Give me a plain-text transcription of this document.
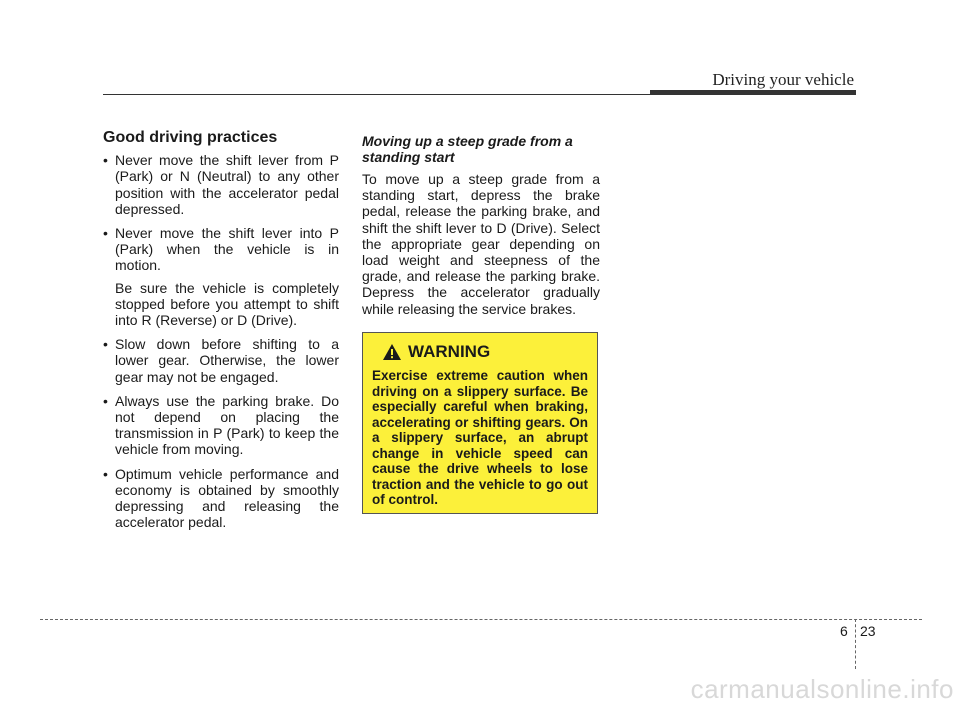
Driving your vehicle
Good driving practices
• Never move the shift lever from P (Park) or N (Neutral) to any other position with the accelerator pedal depressed.
• Never move the shift lever into P (Park) when the vehicle is in motion.
Be sure the vehicle is completely stopped before you attempt to shift into R (Reverse) or D (Drive).
• Slow down before shifting to a lower gear. Otherwise, the lower gear may not be engaged.
• Always use the parking brake. Do not depend on placing the transmission in P (Park) to keep the vehicle from moving.
• Optimum vehicle performance and economy is obtained by smoothly depressing and releasing the accelerator pedal.
Moving up a steep grade from a standing start

To move up a steep grade from a standing start, depress the brake pedal, release the parking brake, and shift the shift lever to D (Drive). Select the appropriate gear depending on load weight and steepness of the grade, and release the parking brake. Depress the accelerator gradually while releasing the service brakes.

WARNING

Exercise extreme caution when driving on a slippery surface. Be especially careful when braking, accelerating or shifting gears. On a slippery surface, an abrupt change in vehicle speed can cause the drive wheels to lose traction and the vehicle to go out of control.

6 23
carmanualsonline.info
